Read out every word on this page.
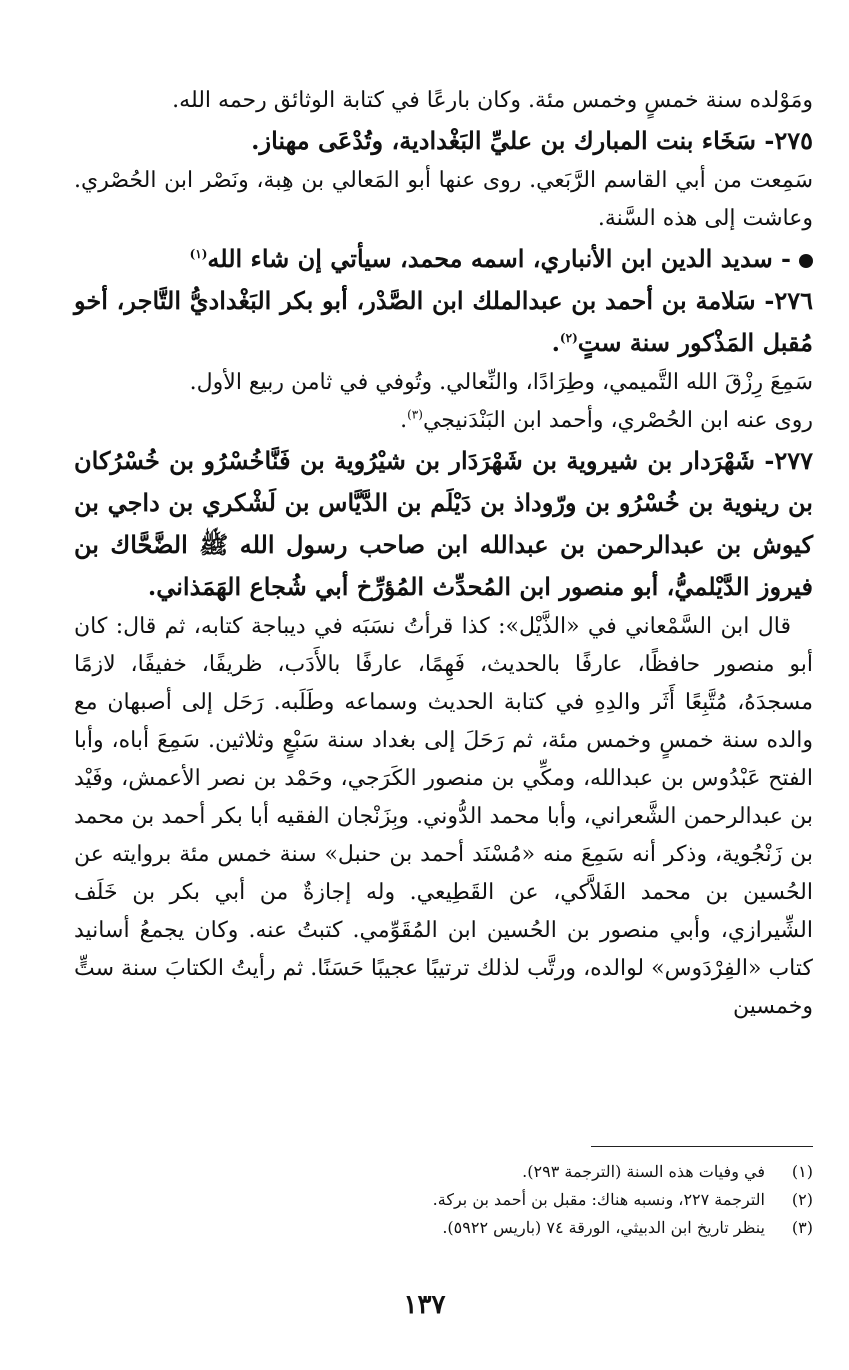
ومَوْلده سنة خمسٍ وخمس مئة. وكان بارعًا في كتابة الوثائق رحمه الله.

٢٧٥- سَخَاء بنت المبارك بن عليِّ البَغْدادية، وتُدْعَى مهناز.

سَمِعت من أبي القاسم الرَّبَعي. روى عنها أبو المَعالي بن هِبة، ونَصْر ابن الحُصْري. وعاشت إلى هذه السَّنة.

- سديد الدين ابن الأنباري، اسمه محمد، سيأتي إن شاء الله$^{(١)}$

٢٧٦- سَلامة بن أحمد بن عبدالملك ابن الصَّدْر، أبو بكر البَغْداديُّ التَّاجر، أخو مُقبل المَذْكور سنة ستٍ$^{(٢)}$.

سَمِعَ رِزْقَ الله التَّميمي، وطِرَادًا، والنِّعالي. وتُوفي في ثامن ربيع الأول.

روى عنه ابن الحُصْري، وأحمد ابن البَنْدَنيجي$^{(٣)}$.

٢٧٧- شَهْرَدار بن شيروية بن شَهْرَدَار بن شيْرُوية بن فَنَّاخُسْرُو بن خُسْرُكان بن رينوية بن خُسْرُو بن ورّوداذ بن دَيْلَم بن الدَّيَّاس بن لَشْكري بن داجي بن كيوش بن عبدالرحمن بن عبدالله ابن صاحب رسول الله ﷺ الضَّحَّاك بن فيروز الدَّيْلميُّ، أبو منصور ابن المُحدِّث المُؤرِّخ أبي شُجاع الهَمَذاني.

قال ابن السَّمْعاني في «الذَّيْل»: كذا قرأتُ نسَبَه في ديباجة كتابه، ثم قال: كان أبو منصور حافظًا، عارفًا بالحديث، فَهِمًا، عارفًا بالأَدَب، ظريفًا، خفيفًا، لازمًا مسجدَهُ، مُتَّبِعًا أَثَر والدِهِ في كتابة الحديث وسماعه وطَلَبه. رَحَل إلى أصبهان مع والده سنة خمسٍ وخمس مئة، ثم رَحَلَ إلى بغداد سنة سَبْعٍ وثلاثين. سَمِعَ أباه، وأبا الفتح عَبْدُوس بن عبدالله، ومكِّي بن منصور الكَرَجي، وحَمْد بن نصر الأعمش، وفَيْد بن عبدالرحمن الشَّعراني، وأبا محمد الدُّوني. وبِزَنْجان الفقيه أبا بكر أحمد بن محمد بن زَنْجُوية، وذكر أنه سَمِعَ منه «مُسْنَد أحمد بن حنبل» سنة خمس مئة بروايته عن الحُسين بن محمد الفَلاَّكي، عن القَطِيعي. وله إجازةٌ من أبي بكر بن خَلَف الشِّيرازي، وأبي منصور بن الحُسين ابن المُقَوِّمي. كتبتُ عنه. وكان يجمعُ أسانيد كتاب «الفِرْدَوس» لوالده، ورتَّب لذلك ترتيبًا عجيبًا حَسَنًا. ثم رأيتُ الكتابَ سنة ستٍّ وخمسين

(١)
في وفيات هذه السنة (الترجمة ٢٩٣).
(٢)
الترجمة ٢٢٧، ونسبه هناك: مقبل بن أحمد بن بركة.
(٣)
ينظر تاريخ ابن الدبيثي، الورقة ٧٤ (باريس ٥٩٢٢).
١٣٧
